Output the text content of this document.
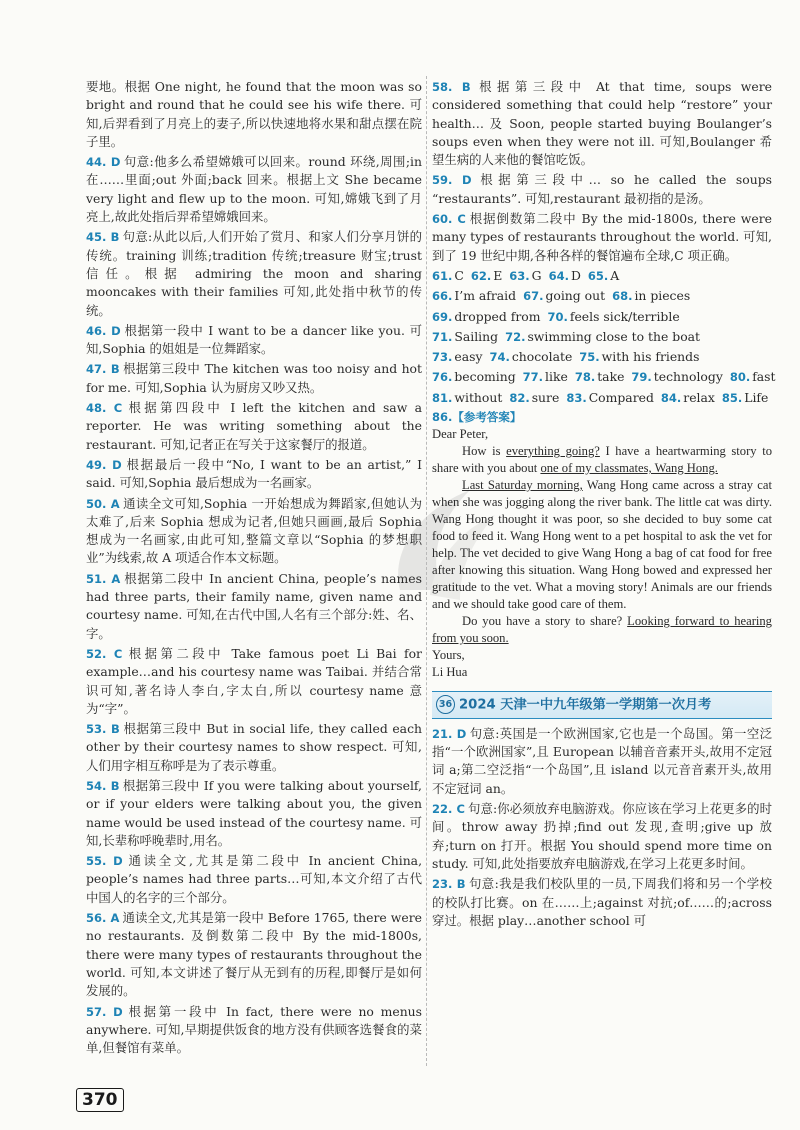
要地。根据 One night, he found that the moon was so bright and round that he could see his wife there. 可知,后羿看到了月亮上的妻子,所以快速地将水果和甜点摆在院子里。
44. D 句意:他多么希望嫦娥可以回来。round 环绕,周围;in 在……里面;out 外面;back 回来。根据上文 She became very light and flew up to the moon. 可知,嫦娥飞到了月亮上,故此处指后羿希望嫦娥回来。
45. B 句意:从此以后,人们开始了赏月、和家人们分享月饼的传统。training 训练;tradition 传统;treasure 财宝;trust 信任。根据 admiring the moon and sharing mooncakes with their families 可知,此处指中秋节的传统。
46. D 根据第一段中 I want to be a dancer like you. 可知,Sophia 的姐姐是一位舞蹈家。
47. B 根据第三段中 The kitchen was too noisy and hot for me. 可知,Sophia 认为厨房又吵又热。
48. C 根据第四段中 I left the kitchen and saw a reporter. He was writing something about the restaurant. 可知,记者正在写关于这家餐厅的报道。
49. D 根据最后一段中“No, I want to be an artist,” I said. 可知,Sophia 最后想成为一名画家。
50. A 通读全文可知,Sophia 一开始想成为舞蹈家,但她认为太难了,后来 Sophia 想成为记者,但她只画画,最后 Sophia 想成为一名画家,由此可知,整篇文章以“Sophia 的梦想职业”为线索,故 A 项适合作本文标题。
51. A 根据第二段中 In ancient China, people’s names had three parts, their family name, given name and courtesy name. 可知,在古代中国,人名有三个部分:姓、名、字。
52. C 根据第二段中 Take famous poet Li Bai for example…and his courtesy name was Taibai. 并结合常识可知,著名诗人李白,字太白,所以 courtesy name 意为“字”。
53. B 根据第三段中 But in social life, they called each other by their courtesy names to show respect. 可知,人们用字相互称呼是为了表示尊重。
54. B 根据第三段中 If you were talking about yourself, or if your elders were talking about you, the given name would be used instead of the courtesy name. 可知,长辈称呼晚辈时,用名。
55. D 通读全文,尤其是第二段中 In ancient China, people’s names had three parts…可知,本文介绍了古代中国人的名字的三个部分。
56. A 通读全文,尤其是第一段中 Before 1765, there were no restaurants. 及倒数第二段中 By the mid-1800s, there were many types of restaurants throughout the world. 可知,本文讲述了餐厅从无到有的历程,即餐厅是如何发展的。
57. D 根据第一段中 In fact, there were no menus anywhere. 可知,早期提供饭食的地方没有供顾客选餐食的菜单,但餐馆有菜单。
58. B 根据第三段中 At that time, soups were considered something that could help “restore” your health… 及 Soon, people started buying Boulanger’s soups even when they were not ill. 可知,Boulanger 希望生病的人来他的餐馆吃饭。
59. D 根据第三段中… so he called the soups “restaurants”. 可知,restaurant 最初指的是汤。
60. C 根据倒数第二段中 By the mid-1800s, there were many types of restaurants throughout the world. 可知,到了 19 世纪中期,各种各样的餐馆遍布全球,C 项正确。
61. C 62. E 63. G 64. D 65. A
66. I’m afraid 67. going out 68. in pieces
69. dropped from 70. feels sick/terrible
71. Sailing 72. swimming close to the boat
73. easy 74. chocolate 75. with his friends
76. becoming 77. like 78. take 79. technology 80. fast
81. without 82. sure 83. Compared 84. relax 85. Life
86.【参考答案】

Dear Peter,

How is everything going? I have a heartwarming story to share with you about one of my classmates, Wang Hong.

Last Saturday morning, Wang Hong came across a stray cat when she was jogging along the river bank. The little cat was dirty. Wang Hong thought it was poor, so she decided to buy some cat food to feed it. Wang Hong went to a pet hospital to ask the vet for help. The vet decided to give Wang Hong a bag of cat food for free after knowing this situation. Wang Hong bowed and expressed her gratitude to the vet. What a moving story! Animals are our friends and we should take good care of them.

Do you have a story to share? Looking forward to hearing from you soon.

Yours,

Li Hua

36 2024 天津一中九年级第一学期第一次月考
21. D 句意:英国是一个欧洲国家,它也是一个岛国。第一空泛指“一个欧洲国家”,且 European 以辅音音素开头,故用不定冠词 a;第二空泛指“一个岛国”,且 island 以元音音素开头,故用不定冠词 an。
22. C 句意:你必须放弃电脑游戏。你应该在学习上花更多的时间。throw away 扔掉;find out 发现,查明;give up 放弃;turn on 打开。根据 You should spend more time on study. 可知,此处指要放弃电脑游戏,在学习上花更多时间。
23. B 句意:我是我们校队里的一员,下周我们将和另一个学校的校队打比赛。on 在……上;against 对抗;of……的;across 穿过。根据 play…another school 可
370
